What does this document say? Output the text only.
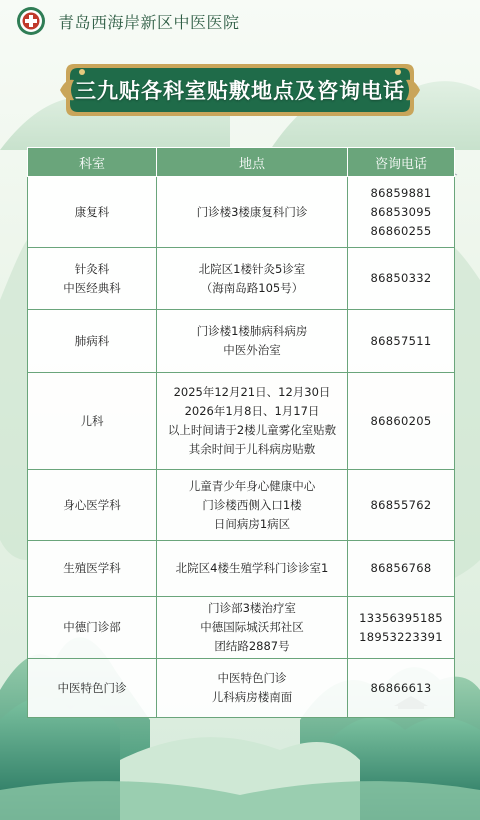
青岛西海岸新区中医医院
三九贴各科室贴敷地点及咨询电话
科室	地点	咨询电话

康复科	门诊楼3楼康复科门诊	86859881
86853095
86860255

针灸科
中医经典科	北院区1楼针灸5诊室
（海南岛路105号）	86850332

肺病科	门诊楼1楼肺病科病房
中医外治室	86857511

儿科	2025年12月21日、12月30日
2026年1月8日、1月17日
以上时间请于2楼儿童雾化室贴敷
其余时间于儿科病房贴敷	86860205

身心医学科	儿童青少年身心健康中心
门诊楼西侧入口1楼
日间病房1病区	86855762

生殖医学科	北院区4楼生殖学科门诊诊室1	86856768

中德门诊部	门诊部3楼治疗室
中德国际城沃邦社区
团结路2887号	13356395185
18953223391

中医特色门诊	中医特色门诊
儿科病房楼南面	86866613
